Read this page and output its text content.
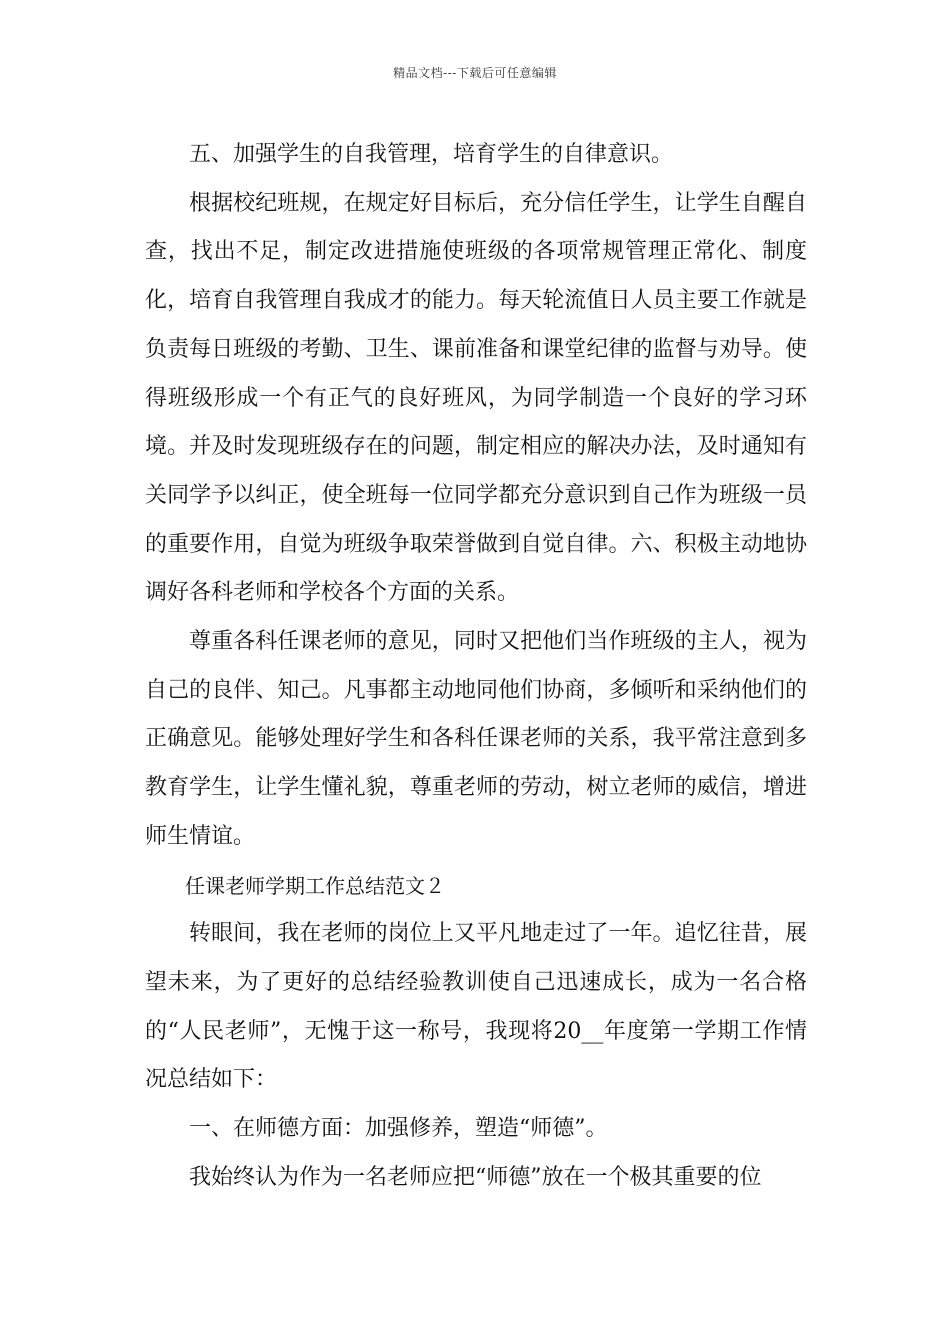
精品文档---下载后可任意编辑

五、加强学生的自我管理，培育学生的自律意识。

根据校纪班规，在规定好目标后，充分信任学生，让学生自醒自查，找出不足，制定改进措施使班级的各项常规管理正常化、制度化，培育自我管理自我成才的能力。每天轮流值日人员主要工作就是负责每日班级的考勤、卫生、课前准备和课堂纪律的监督与劝导。使得班级形成一个有正气的良好班风，为同学制造一个良好的学习环境。并及时发现班级存在的问题，制定相应的解决办法，及时通知有关同学予以纠正，使全班每一位同学都充分意识到自己作为班级一员的重要作用，自觉为班级争取荣誉做到自觉自律。六、积极主动地协调好各科老师和学校各个方面的关系。

尊重各科任课老师的意见，同时又把他们当作班级的主人，视为自己的良伴、知己。凡事都主动地同他们协商，多倾听和采纳他们的正确意见。能够处理好学生和各科任课老师的关系，我平常注意到多教育学生，让学生懂礼貌，尊重老师的劳动，树立老师的威信，增进师生情谊。

任课老师学期工作总结范文２

转眼间，我在老师的岗位上又平凡地走过了一年。追忆往昔，展望未来，为了更好的总结经验教训使自己迅速成长，成为一名合格的“人民老师”，无愧于这一称号，我现将20__年度第一学期工作情况总结如下：

一、在师德方面：加强修养，塑造“师德”。

我始终认为作为一名老师应把“师德”放在一个极其重要的位
